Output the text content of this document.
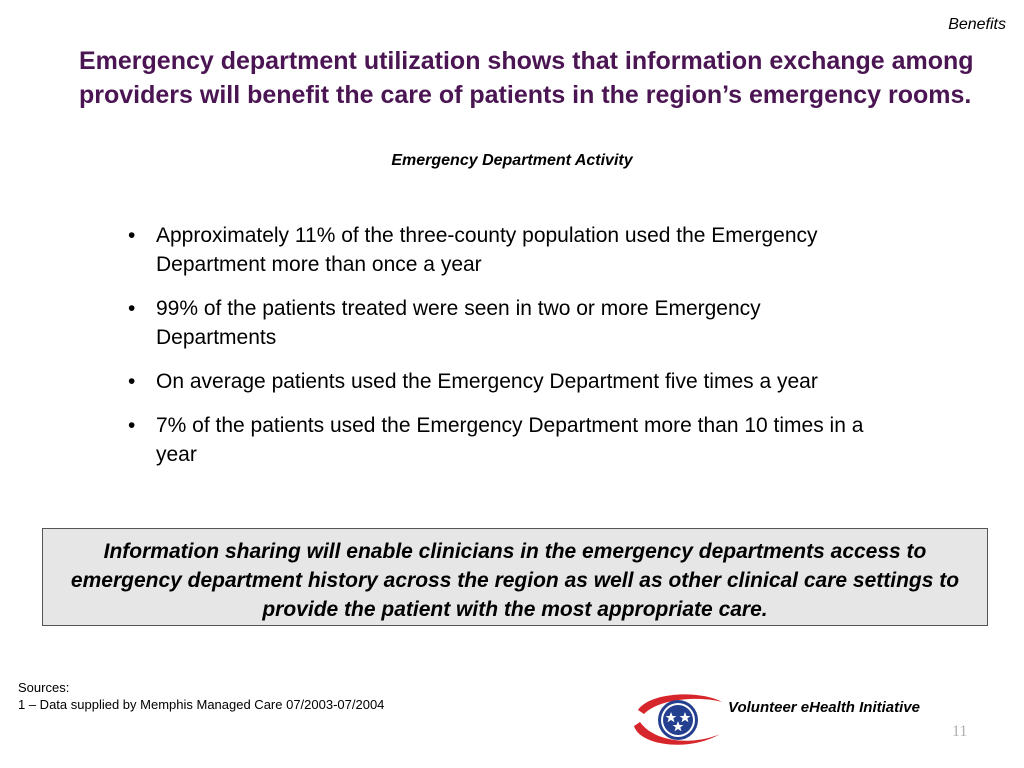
Benefits
Emergency department utilization shows that information exchange among providers will benefit the care of patients in the region’s emergency rooms.
Emergency Department Activity
• Approximately 11% of the three-county population used the Emergency Department more than once a year
• 99% of the patients treated were seen in two or more Emergency Departments
• On average patients used the Emergency Department five times a year
• 7% of the patients used the Emergency Department more than 10 times in a year
Information sharing will enable clinicians in the emergency departments access to emergency department history across the region as well as other clinical care settings to provide the patient with the most appropriate care.
Sources:
1 – Data supplied by Memphis Managed Care 07/2003-07/2004	Volunteer eHealth Initiative
11
